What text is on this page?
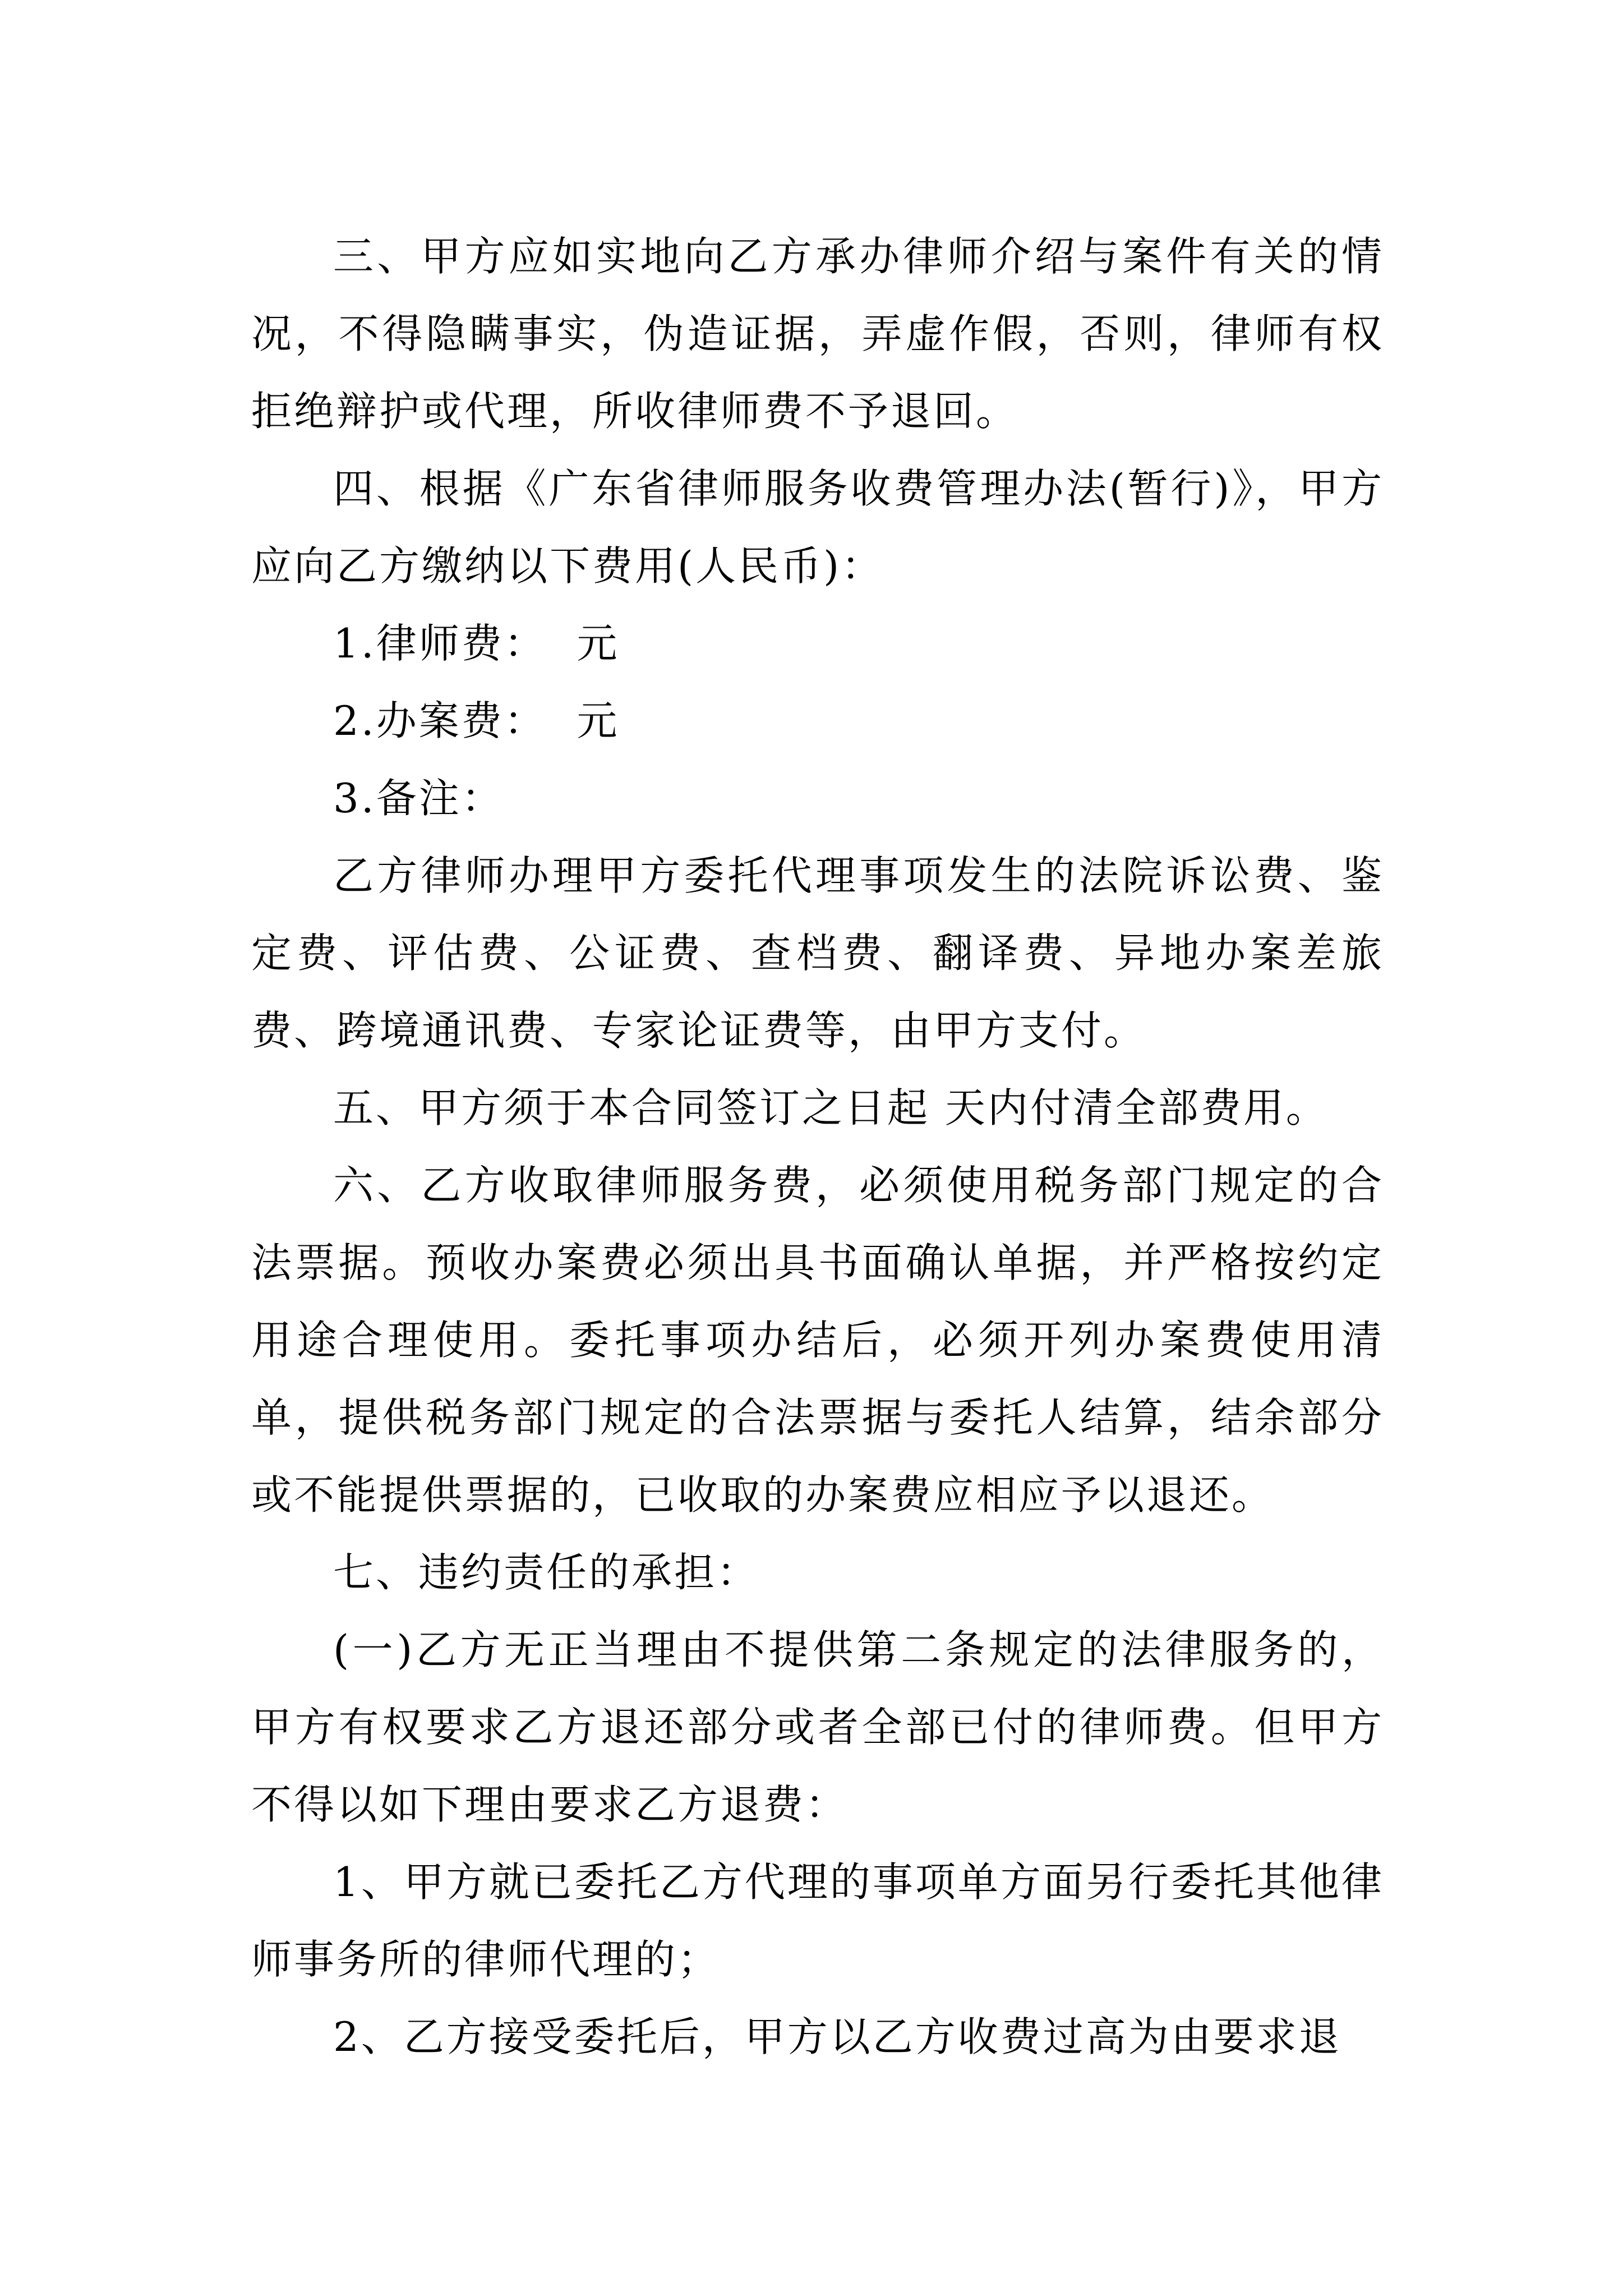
三、甲方应如实地向乙方承办律师介绍与案件有关的情况，不得隐瞒事实，伪造证据，弄虚作假，否则，律师有权拒绝辩护或代理，所收律师费不予退回。

四、根据《广东省律师服务收费管理办法(暂行)》，甲方应向乙方缴纳以下费用(人民币)：

1.律师费：  元

2.办案费：  元

3.备注：

乙方律师办理甲方委托代理事项发生的法院诉讼费、鉴定费、评估费、公证费、查档费、翻译费、异地办案差旅费、跨境通讯费、专家论证费等，由甲方支付。

五、甲方须于本合同签订之日起 天内付清全部费用。

六、乙方收取律师服务费，必须使用税务部门规定的合法票据。预收办案费必须出具书面确认单据，并严格按约定用途合理使用。委托事项办结后，必须开列办案费使用清单，提供税务部门规定的合法票据与委托人结算，结余部分或不能提供票据的，已收取的办案费应相应予以退还。

七、违约责任的承担：

(一)乙方无正当理由不提供第二条规定的法律服务的，甲方有权要求乙方退还部分或者全部已付的律师费。但甲方不得以如下理由要求乙方退费：

1、甲方就已委托乙方代理的事项单方面另行委托其他律师事务所的律师代理的；

2、乙方接受委托后，甲方以乙方收费过高为由要求退
